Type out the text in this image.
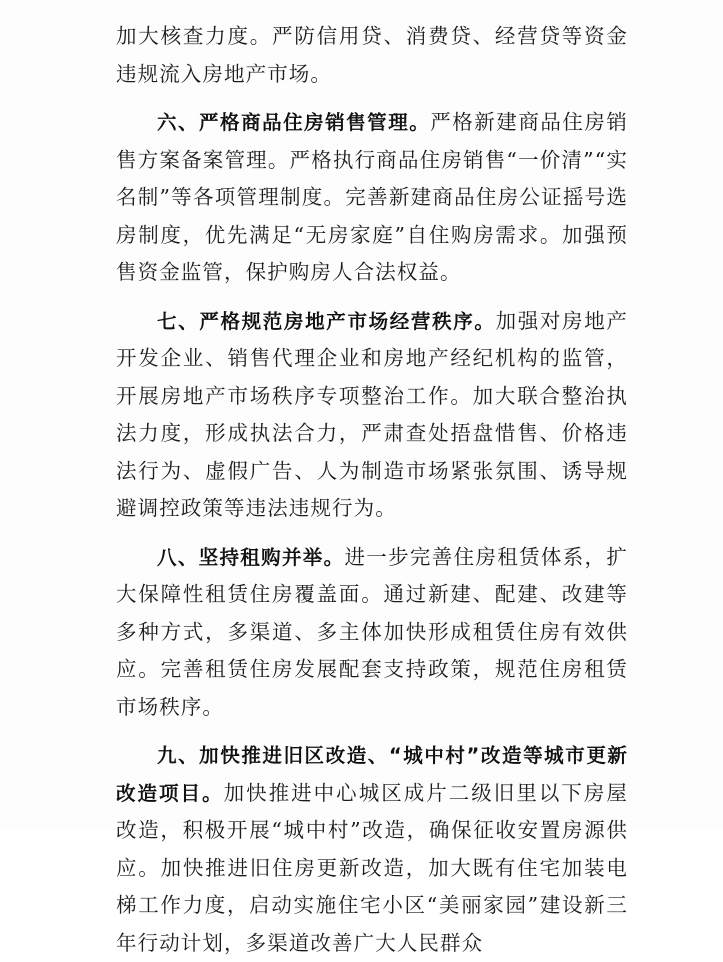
加大核查力度。严防信用贷、消费贷、经营贷等资金违规流入房地产市场。

六、严格商品住房销售管理。严格新建商品住房销售方案备案管理。严格执行商品住房销售“一价清”“实名制”等各项管理制度。完善新建商品住房公证摇号选房制度，优先满足“无房家庭”自住购房需求。加强预售资金监管，保护购房人合法权益。

七、严格规范房地产市场经营秩序。加强对房地产开发企业、销售代理企业和房地产经纪机构的监管，开展房地产市场秩序专项整治工作。加大联合整治执法力度，形成执法合力，严肃查处捂盘惜售、价格违法行为、虚假广告、人为制造市场紧张氛围、诱导规避调控政策等违法违规行为。

八、坚持租购并举。进一步完善住房租赁体系，扩大保障性租赁住房覆盖面。通过新建、配建、改建等多种方式，多渠道、多主体加快形成租赁住房有效供应。完善租赁住房发展配套支持政策，规范住房租赁市场秩序。

九、加快推进旧区改造、“城中村”改造等城市更新改造项目。加快推进中心城区成片二级旧里以下房屋改造，积极开展“城中村”改造，确保征收安置房源供应。加快推进旧住房更新改造，加大既有住宅加装电梯工作力度，启动实施住宅小区“美丽家园”建设新三年行动计划，多渠道改善广大人民群众
